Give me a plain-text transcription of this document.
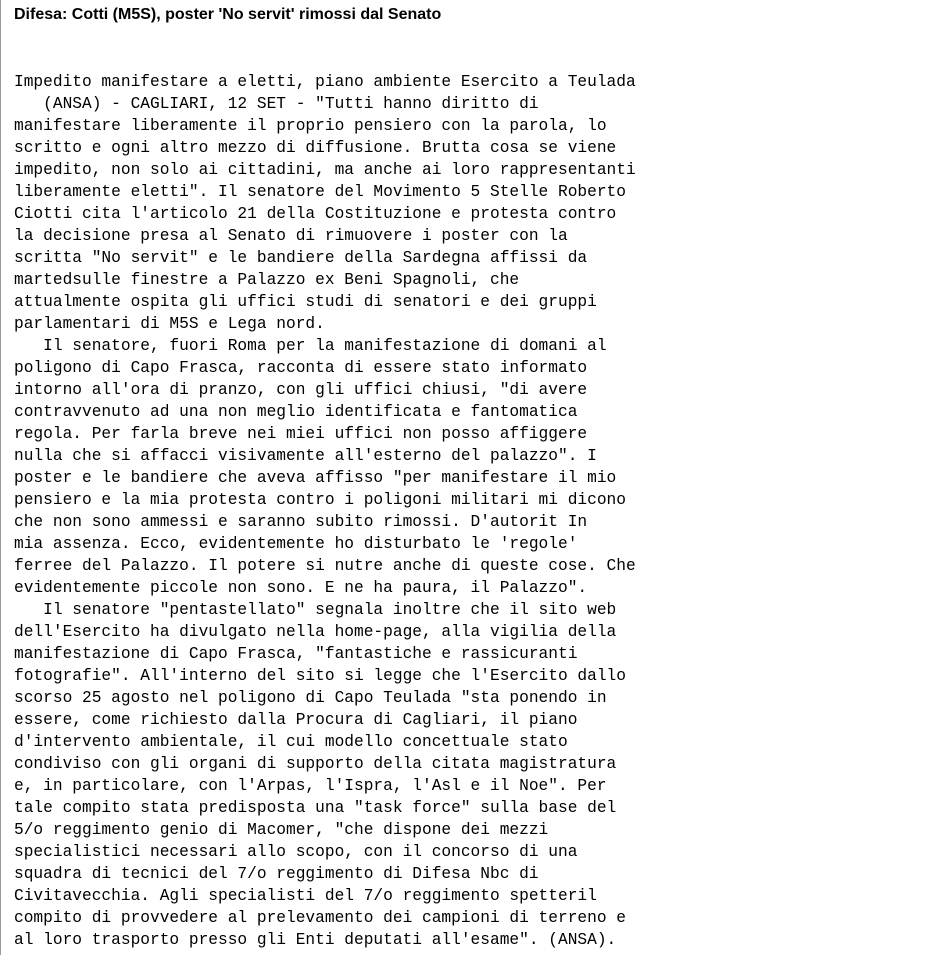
Difesa: Cotti (M5S), poster 'No servit' rimossi dal Senato
Impedito manifestare a eletti, piano ambiente Esercito a Teulada
(ANSA) - CAGLIARI, 12 SET - "Tutti hanno diritto di
manifestare liberamente il proprio pensiero con la parola, lo
scritto e ogni altro mezzo di diffusione. Brutta cosa se viene
impedito, non solo ai cittadini, ma anche ai loro rappresentanti
liberamente eletti". Il senatore del Movimento 5 Stelle Roberto
Ciotti cita l'articolo 21 della Costituzione e protesta contro
la decisione presa al Senato di rimuovere i poster con la
scritta "No servit" e le bandiere della Sardegna affissi da
martedsulle finestre a Palazzo ex Beni Spagnoli, che
attualmente ospita gli uffici studi di senatori e dei gruppi
parlamentari di M5S e Lega nord.
Il senatore, fuori Roma per la manifestazione di domani al
poligono di Capo Frasca, racconta di essere stato informato
intorno all'ora di pranzo, con gli uffici chiusi, "di avere
contravvenuto ad una non meglio identificata e fantomatica
regola. Per farla breve nei miei uffici non posso affiggere
nulla che si affacci visivamente all'esterno del palazzo". I
poster e le bandiere che aveva affisso "per manifestare il mio
pensiero e la mia protesta contro i poligoni militari mi dicono
che non sono ammessi e saranno subito rimossi. D'autorit In
mia assenza. Ecco, evidentemente ho disturbato le 'regole'
ferree del Palazzo. Il potere si nutre anche di queste cose. Che
evidentemente piccole non sono. E ne ha paura, il Palazzo".
Il senatore "pentastellato" segnala inoltre che il sito web
dell'Esercito ha divulgato nella home-page, alla vigilia della
manifestazione di Capo Frasca, "fantastiche e rassicuranti
fotografie". All'interno del sito si legge che l'Esercito dallo
scorso 25 agosto nel poligono di Capo Teulada "sta ponendo in
essere, come richiesto dalla Procura di Cagliari, il piano
d'intervento ambientale, il cui modello concettuale stato
condiviso con gli organi di supporto della citata magistratura
e, in particolare, con l'Arpas, l'Ispra, l'Asl e il Noe". Per
tale compito stata predisposta una "task force" sulla base del
5/o reggimento genio di Macomer, "che dispone dei mezzi
specialistici necessari allo scopo, con il concorso di una
squadra di tecnici del 7/o reggimento di Difesa Nbc di
Civitavecchia. Agli specialisti del 7/o reggimento spetteril
compito di provvedere al prelevamento dei campioni di terreno e
al loro trasporto presso gli Enti deputati all'esame". (ANSA).
